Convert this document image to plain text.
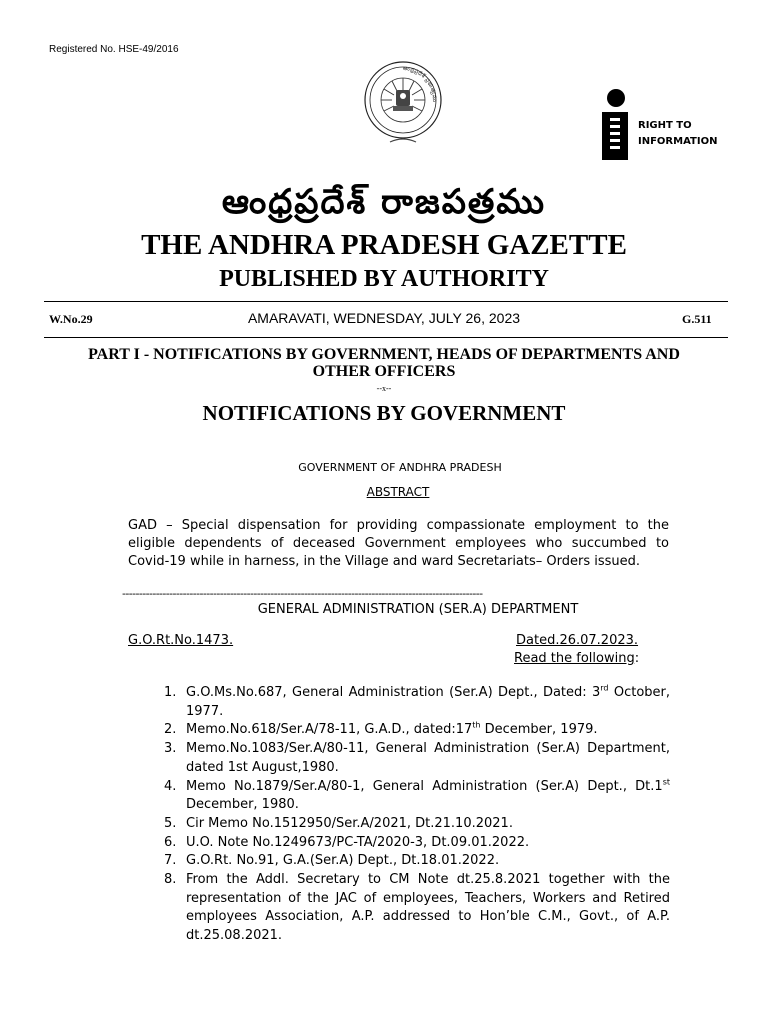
Registered No. HSE-49/2016
ఆంధ్రప్రదేశ్ ప్రభుత్వము
RIGHT TO
INFORMATION
ఆంధ్రప్రదేశ్ రాజపత్రము
THE ANDHRA PRADESH GAZETTE
PUBLISHED BY AUTHORITY
W.No.29	AMARAVATI, WEDNESDAY, JULY 26, 2023	G.511
PART I - NOTIFICATIONS BY GOVERNMENT, HEADS OF DEPARTMENTS AND OTHER OFFICERS
--x--
NOTIFICATIONS BY GOVERNMENT
GOVERNMENT OF ANDHRA PRADESH
ABSTRACT
GAD – Special dispensation for providing compassionate employment to the eligible dependents of deceased Government employees who succumbed to Covid-19 while in harness, in the Village and ward Secretariats– Orders issued.
-----------------------------------------------------------------------------------------------------------
GENERAL ADMINISTRATION (SER.A) DEPARTMENT
G.O.Rt.No.1473.	Dated.26.07.2023.
Read the following:
1. G.O.Ms.No.687, General Administration (Ser.A) Dept., Dated: 3rd October, 1977.
2. Memo.No.618/Ser.A/78-11, G.A.D., dated:17th December, 1979.
3. Memo.No.1083/Ser.A/80-11, General Administration (Ser.A) Department, dated 1st August,1980.
4. Memo No.1879/Ser.A/80-1, General Administration (Ser.A) Dept., Dt.1st December, 1980.
5. Cir Memo No.1512950/Ser.A/2021, Dt.21.10.2021.
6. U.O. Note No.1249673/PC-TA/2020-3, Dt.09.01.2022.
7. G.O.Rt. No.91, G.A.(Ser.A) Dept., Dt.18.01.2022.
8. From the Addl. Secretary to CM Note dt.25.8.2021 together with the representation of the JAC of employees, Teachers, Workers and Retired employees Association, A.P. addressed to Hon’ble C.M., Govt., of A.P. dt.25.08.2021.
